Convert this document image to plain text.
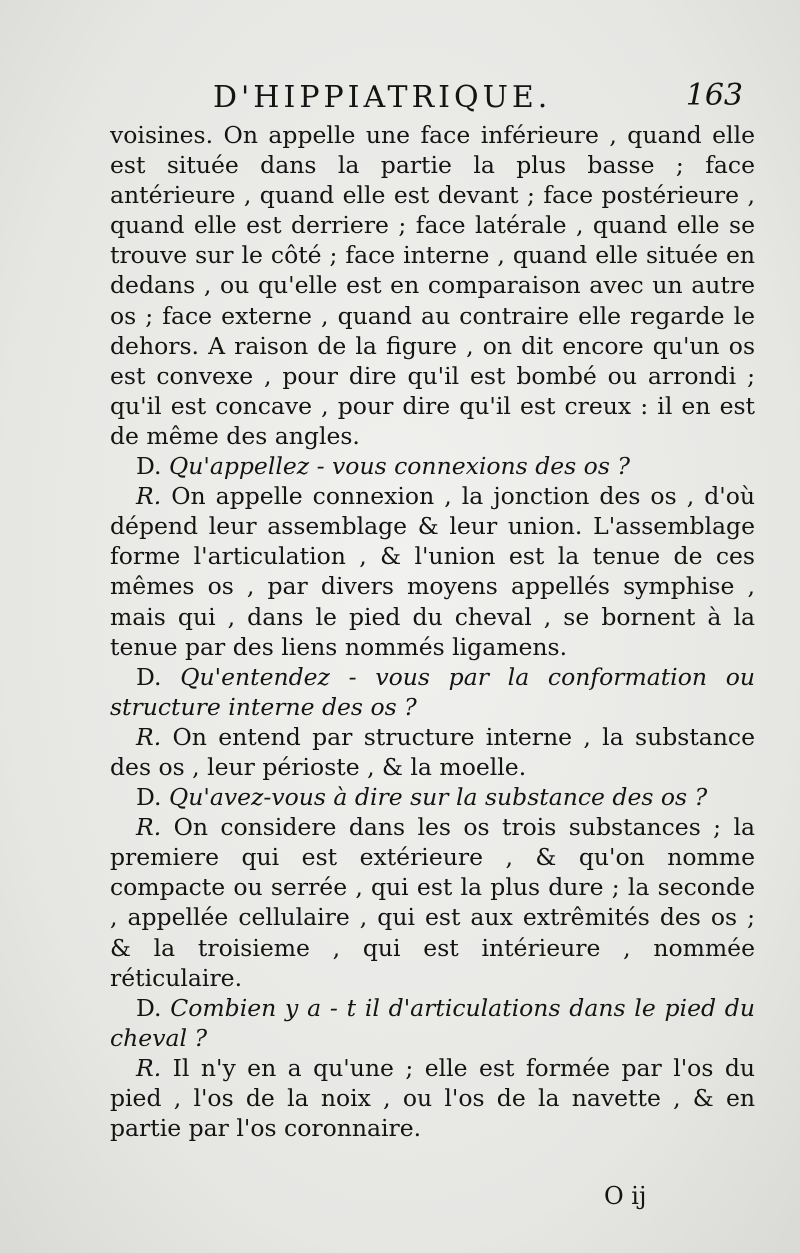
D'HIPPIATRIQUE.	163

voisines. On appelle une face inférieure , quand elle est située dans la partie la plus basse ; face antérieure , quand elle est devant ; face postérieure , quand elle est derriere ; face latérale , quand elle se trouve sur le côté ; face interne , quand elle située en dedans , ou qu'elle est en comparaison avec un autre os ; face externe , quand au contraire elle regarde le dehors. A raison de la figure , on dit encore qu'un os est convexe , pour dire qu'il est bombé ou arrondi ; qu'il est concave , pour dire qu'il est creux : il en est de même des angles.

D. Qu'appellez - vous connexions des os ?

R. On appelle connexion , la jonction des os , d'où dépend leur assemblage & leur union. L'assemblage forme l'articulation , & l'union est la tenue de ces mêmes os , par divers moyens appellés symphise , mais qui , dans le pied du cheval , se bornent à la tenue par des liens nommés ligamens.

D. Qu'entendez - vous par la conformation ou structure interne des os ?

R. On entend par structure interne , la substance des os , leur périoste , & la moelle.

D. Qu'avez-vous à dire sur la substance des os ?

R. On considere dans les os trois substances ; la premiere qui est extérieure , & qu'on nomme compacte ou serrée , qui est la plus dure ; la seconde , appellée cellulaire , qui est aux extrêmités des os ; & la troisieme , qui est intérieure , nommée réticulaire.

D. Combien y a - t il d'articulations dans le pied du cheval ?

R. Il n'y en a qu'une ; elle est formée par l'os du pied , l'os de la noix , ou l'os de la navette , & en partie par l'os coronnaire.

O ij
